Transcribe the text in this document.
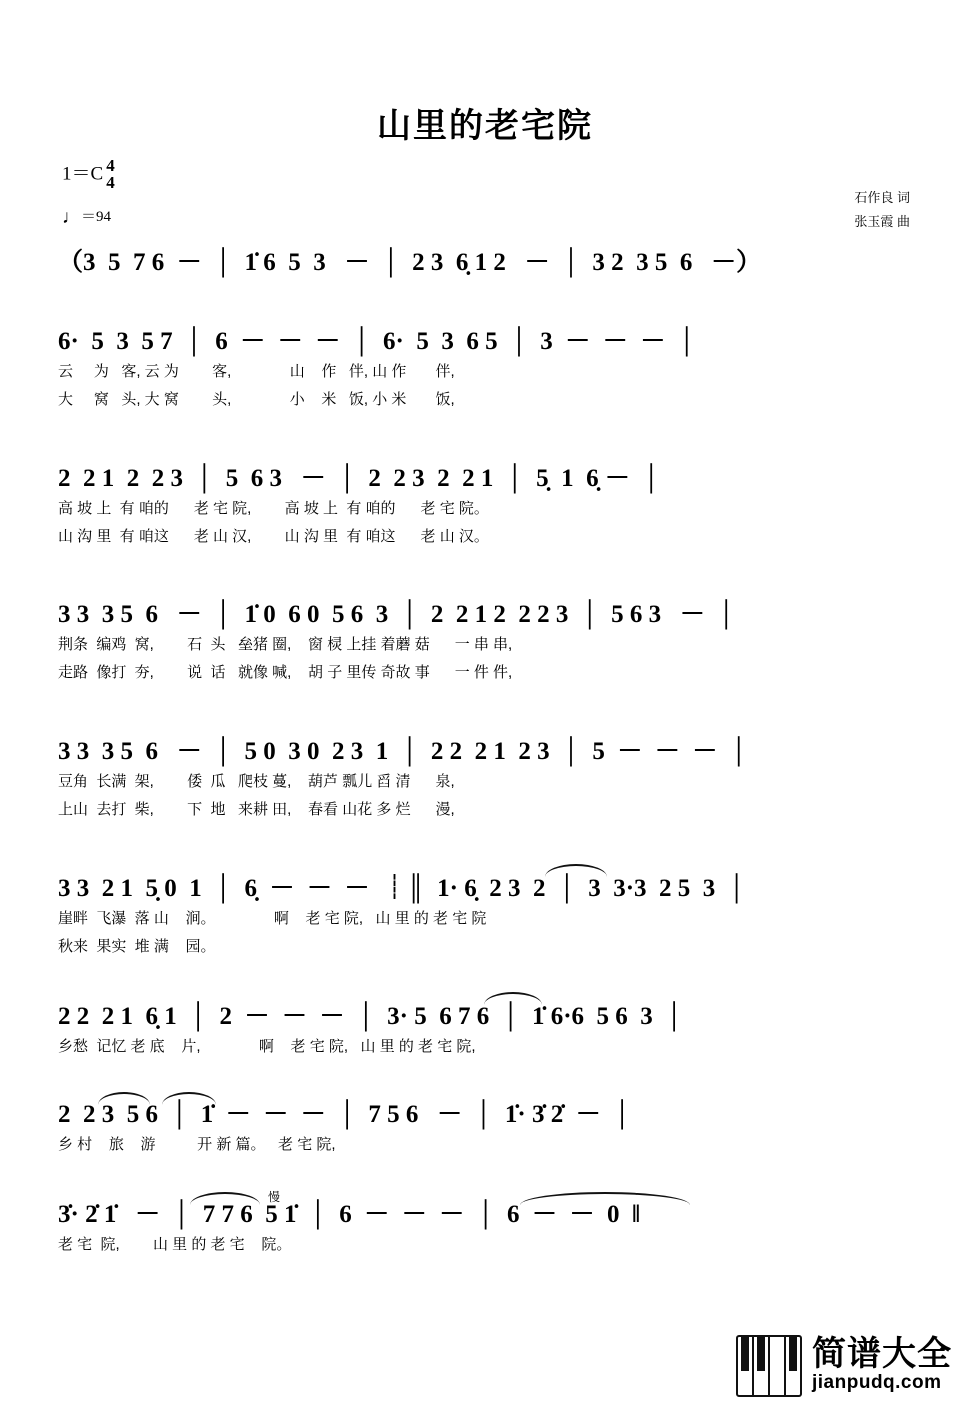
山里的老宅院
1＝C 4
4
♩＝94
石作良 词
张玉霞 曲
（3  5  7 6  －  │  1̇ 6  5  3   －  │  2 3  6̣ 1 2   －  │  3 2  3 5  6   －）
6·  5  3  5 7  │  6  －  －  －  │  6·  5  3  6 5  │  3  －  －  －  │
云     为   客, 云 为        客,              山    作   伴, 山 作       伴,
大     窝   头, 大 窝        头,              小    米   饭, 小 米       饭,
2  2 1  2  2 3  │  5  6 3   －  │  2  2 3  2  2 1  │  5̣  1  6̣ －  │
高 坡 上  有 咱的      老 宅 院,        高 坡 上  有 咱的      老 宅 院。
山 沟 里  有 咱这      老 山 汉,        山 沟 里  有 咱这      老 山 汉。
3 3  3 5  6   －  │  1̇ 0  6 0  5 6  3  │  2  2 1 2  2 2 3  │  5 6 3   －  │
荆条  编鸡  窝,        石  头   垒猪 圈,    窗 棂 上挂 着蘑 菇      一 串 串,
走路  像打  夯,        说  话   就像 喊,    胡 子 里传 奇故 事      一 件 件,
3 3  3 5  6   －  │  5 0  3 0  2 3  1  │  2 2  2 1  2 3  │  5  －  －  －  │
豆角  长满  架,        倭  瓜   爬枝 蔓,    葫芦 瓢儿 舀 清      泉,
上山  去打  柴,        下  地   来耕 田,    春看 山花 多 烂      漫,
3 3  2 1  5̣ 0  1  │  6̣  －  －  －  ┊║  1· 6̣  2 3  2  │  3  3·3  2 5  3  │
崖畔  飞瀑  落 山    涧。              啊    老 宅 院,   山 里 的 老 宅 院
秋来  果实  堆 满    园。
2 2  2 1  6̣ 1  │  2  －  －  －  │  3· 5  6 7 6  │  1̇ 6·6  5 6  3  │
乡愁  记忆 老 底    片,              啊    老 宅 院,   山 里 的 老 宅 院,
2  2 3  5 6  │  1̇  －  －  －  │  7 5 6   －  │  1̇· 3̇ 2̇  －  │
乡 村    旅    游          开 新 篇。   老 宅 院,
3̇· 2̇ 1̇   －  │  7 7 6  5 1̇  │  6  －  －  －  │  6  －  －  0  ‖
老 宅  院,        山 里 的 老 宅    院。
慢
简谱大全
jianpudq.com
